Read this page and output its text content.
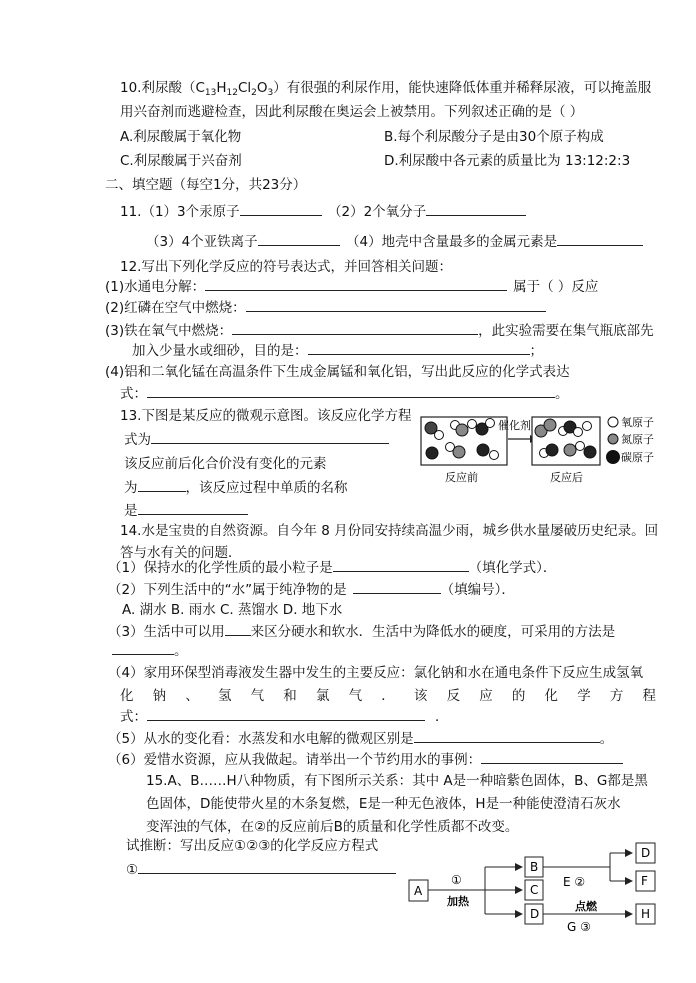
10.利尿酸$(C_{13}H_{12}Cl_2O_3)$有很强的利尿作用，能快速降低体重并稀释尿液，可以掩盖服
用兴奋剂而逃避检查，因此利尿酸在奥运会上被禁用。下列叙述正确的是（ ）
A.利尿酸属于氧化物	B.每个利尿酸分子是由30个原子构成
C.利尿酸属于兴奋剂	D.利尿酸中各元素的质量比为 13:12:2:3
二、填空题（每空1分，共23分）
11.（1）3个汞原子	（2）2个氧分子
（3）4个亚铁离子	（4）地壳中含量最多的金属元素是
12.写出下列化学反应的符号表达式，并回答相关问题：
(1)水通电分解：	属于（ ）反应
(2)红磷在空气中燃烧：
(3)铁在氧气中燃烧：	，此实验需要在集气瓶底部先
加入少量水或细砂，目的是：	；
(4)铝和二氧化锰在高温条件下生成金属锰和氧化铝，写出此反应的化学式表达
式：	。
13.下图是某反应的微观示意图。该反应化学方程
式为
该反应前后化合价没有变化的元素
为	，该反应过程中单质的名称
是
催化剂
反应前	反应后
氧原子
氮原子
碳原子
14.水是宝贵的自然资源。自今年 8 月份同安持续高温少雨，城乡供水量屡破历史纪录。回
答与水有关的问题．
（1）保持水的化学性质的最小粒子是	（填化学式）．
（2）下列生活中的“水”属于纯净物的是	（填编号）．
A. 湖水 B. 雨水 C. 蒸馏水 D. 地下水
（3）生活中可以用 来区分硬水和软水．生活中为降低水的硬度，可采用的方法是
。
（4）家用环保型消毒液发生器中发生的主要反应：氯化钠和水在通电条件下反应生成氢氧
化 钠 、 氢 气 和 氯 气 ． 该 反 应 的 化 学 方 程
式：	．
（5）从水的变化看：水蒸发和水电解的微观区别是	。
（6）爱惜水资源，应从我做起。请举出一个节约用水的事例：
15.A、B……H八种物质，有下图所示关系：其中 A是一种暗紫色固体，B、G都是黑
色固体，D能使带火星的木条复燃，E是一种无色液体，H是一种能使澄清石灰水
变浑浊的气体，在②的反应前后B的质量和化学性质都不改变。
试推断：写出反应①②③的化学反应方程式
①
A
①
加热
B
C
D
E ②
D
F
点燃
G ③
H
